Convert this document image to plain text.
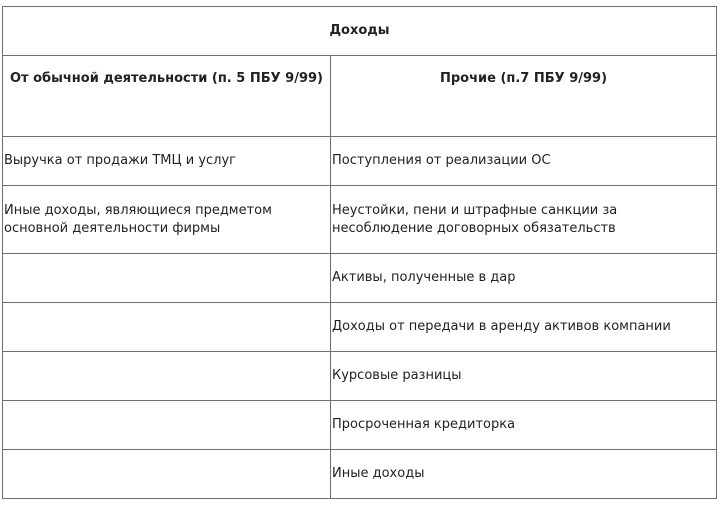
Доходы	

От обычной деятельности (п. 5 ПБУ 9/99)	Прочие (п.7 ПБУ 9/99)

Выручка от продажи ТМЦ и услуг	Поступления от реализации ОС

Иные доходы, являющиеся предметом основной деятельности фирмы	Неустойки, пени и штрафные санкции за несоблюдение договорных обязательств

	Активы, полученные в дар

	Доходы от передачи в аренду активов компании

	Курсовые разницы

	Просроченная кредиторка

	Иные доходы
